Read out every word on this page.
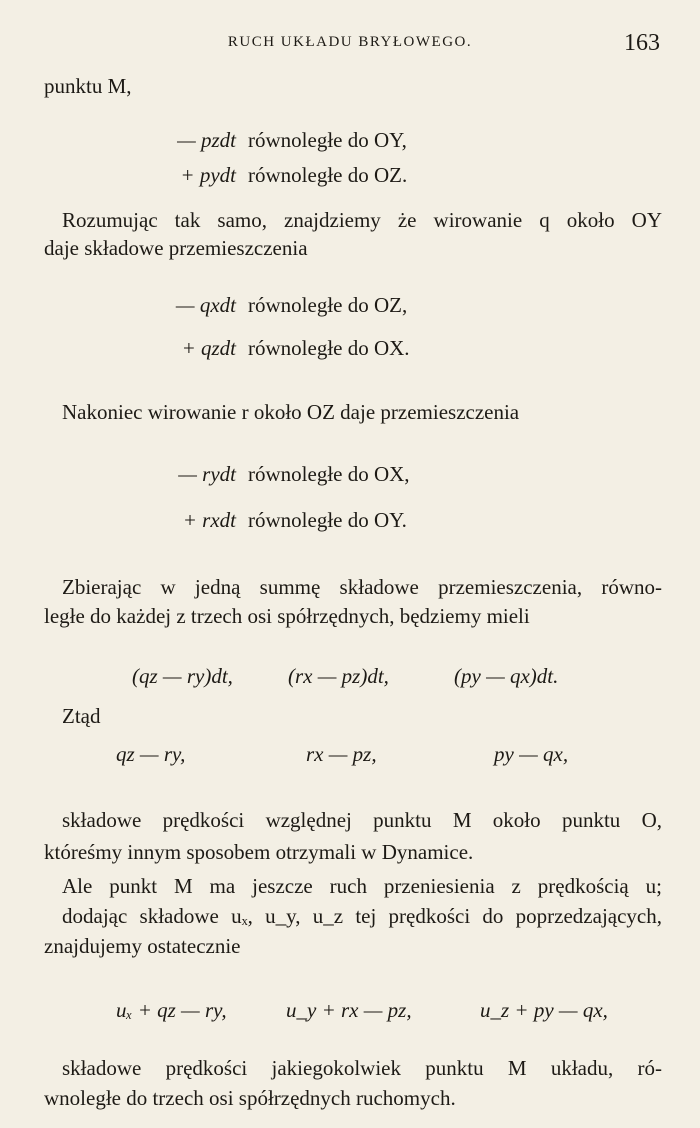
RUCH UKŁADU BRYŁOWEGO.	163
punktu M,
— pzdt równoległe do OY,
+ pydt równoległe do OZ.
Rozumując tak samo, znajdziemy że wirowanie q około OY
daje składowe przemieszczenia
— qxdt równoległe do OZ,
+ qzdt równoległe do OX.
Nakoniec wirowanie r około OZ daje przemieszczenia
— rydt równoległe do OX,
+ rxdt równoległe do OY.
Zbierając w jedną summę składowe przemieszczenia, równo-
ległe do każdej z trzech osi spółrzędnych, będziemy mieli
(qz — ry)dt,	(rx — pz)dt,	(py — qx)dt.
Ztąd
qz — ry,	rx — pz,	py — qx,
składowe prędkości względnej punktu M około punktu O,
któreśmy innym sposobem otrzymali w Dynamice.
Ale punkt M ma jeszcze ruch przeniesienia z prędkością u;
dodając składowe uₓ, u_y, u_z tej prędkości do poprzedzających,
znajdujemy ostatecznie
uₓ + qz — ry,	u_y + rx — pz,	u_z + py — qx,
składowe prędkości jakiegokolwiek punktu M układu, ró-
wnoległe do trzech osi spółrzędnych ruchomych.
